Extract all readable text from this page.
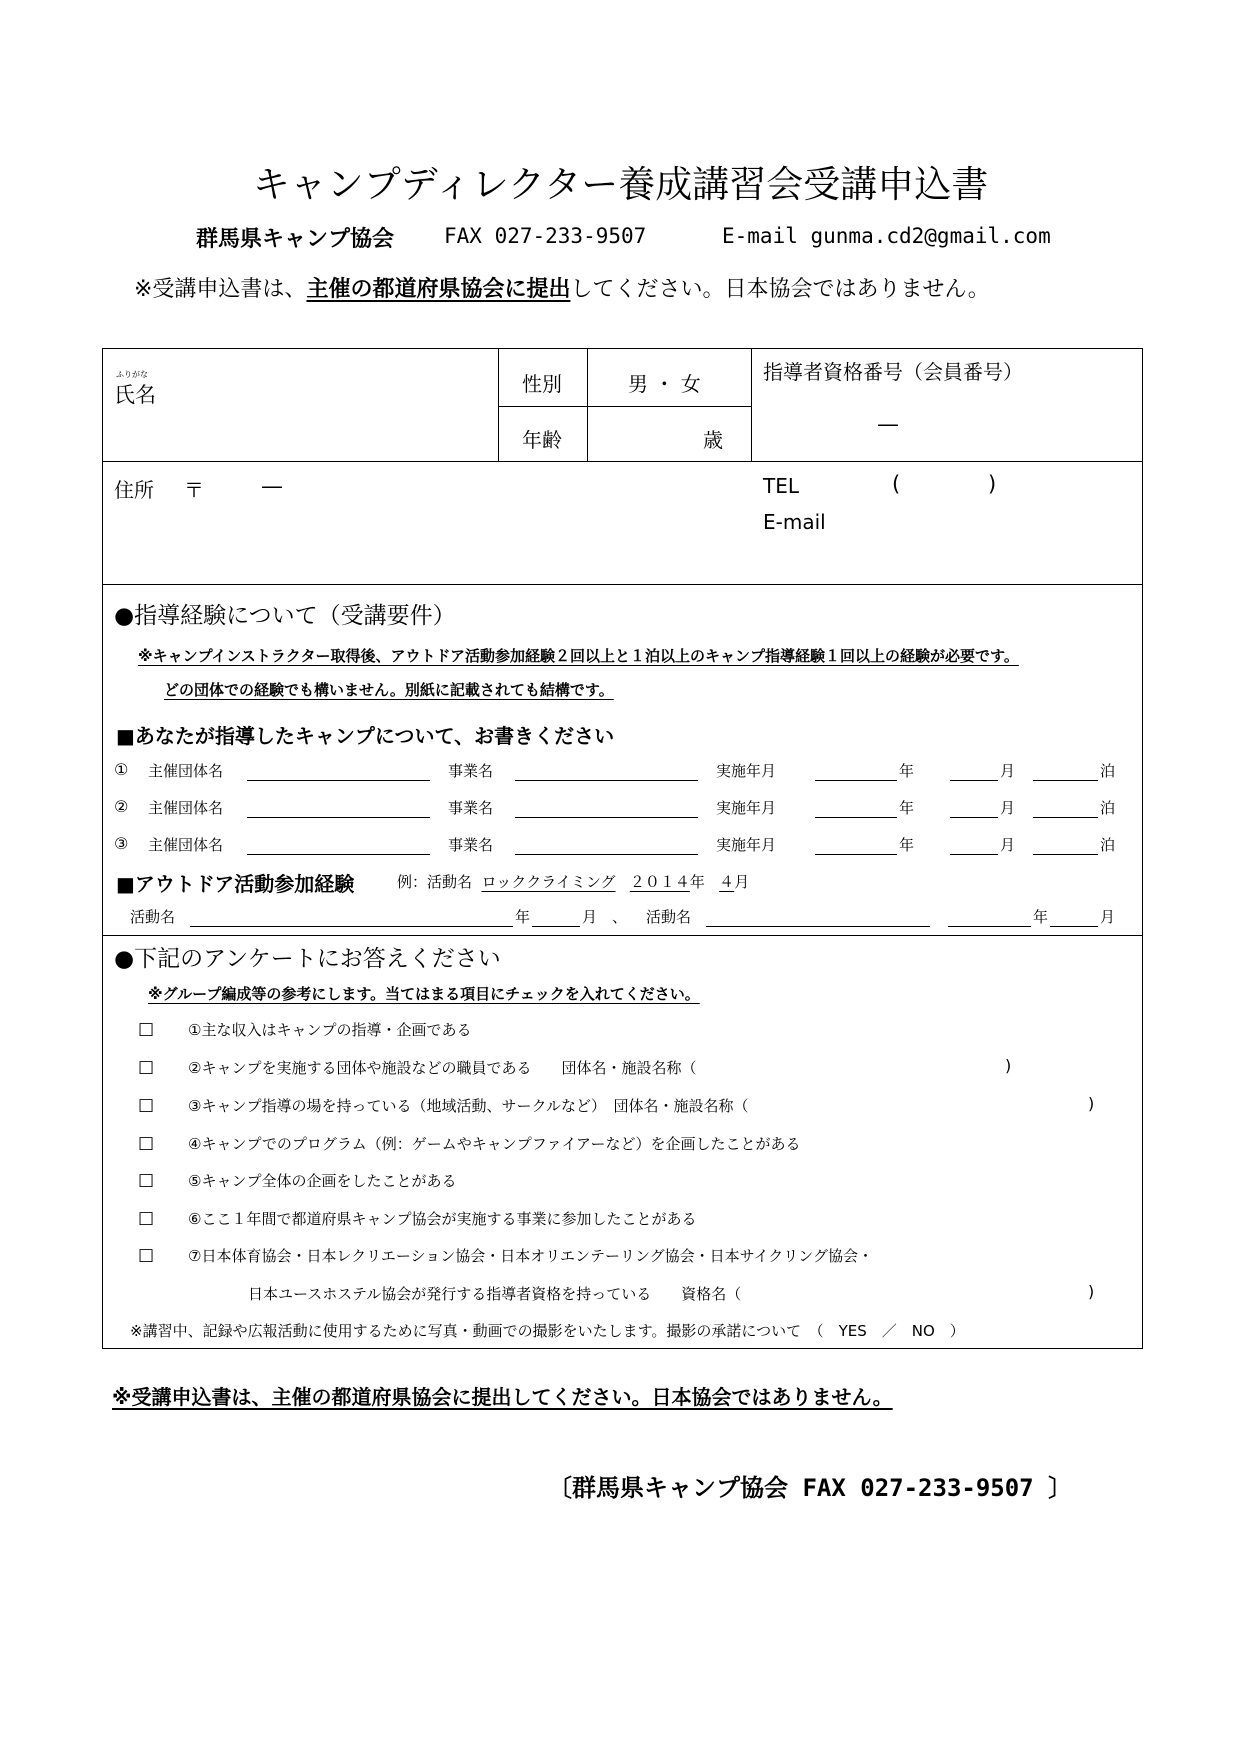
キャンプディレクター養成講習会受講申込書
群馬県キャンプ協会 FAX 027-233-9507	E-mail gunma.cd2@gmail.com
※受講申込書は、主催の都道府県協会に提出してください。日本協会ではありません。
ふりがな
氏名	性別	男 ・ 女
年齢	歳
指導者資格番号（会員番号）
―
住所 〒	―	TEL	(	)
E-mail
●指導経験について（受講要件）
※キャンプインストラクター取得後、アウトドア活動参加経験２回以上と１泊以上のキャンプ指導経験１回以上の経験が必要です。
どの団体での経験でも構いません。別紙に記載されても結構です。
■あなたが指導したキャンプについて、お書きください
① 主催団体名	事業名	実施年月	年	月	泊
② 主催団体名	事業名	実施年月	年	月	泊
③ 主催団体名	事業名	実施年月	年	月	泊
■アウトドア活動参加経験	例：活動名 ロッククライミング ２０１４年 ４月
活動名	年	月 、 活動名	年	月
●下記のアンケートにお答えください
※グループ編成等の参考にします。当てはまる項目にチェックを入れてください。
□ ①主な収入はキャンプの指導・企画である
□ ②キャンプを実施する団体や施設などの職員である　　団体名・施設名称（	)
□ ③キャンプ指導の場を持っている（地域活動、サークルなど）　団体名・施設名称（	)
□ ④キャンプでのプログラム（例：ゲームやキャンプファイアーなど）を企画したことがある
□ ⑤キャンプ全体の企画をしたことがある
□ ⑥ここ１年間で都道府県キャンプ協会が実施する事業に参加したことがある
□ ⑦日本体育協会・日本レクリエーション協会・日本オリエンテーリング協会・日本サイクリング協会・
日本ユースホステル協会が発行する指導者資格を持っている　　資格名（	)
※講習中、記録や広報活動に使用するために写真・動画での撮影をいたします。撮影の承諾について　（　YES　／　NO　）
※受講申込書は、主催の都道府県協会に提出してください。日本協会ではありません。
〔群馬県キャンプ協会 FAX 027-233-9507 〕
